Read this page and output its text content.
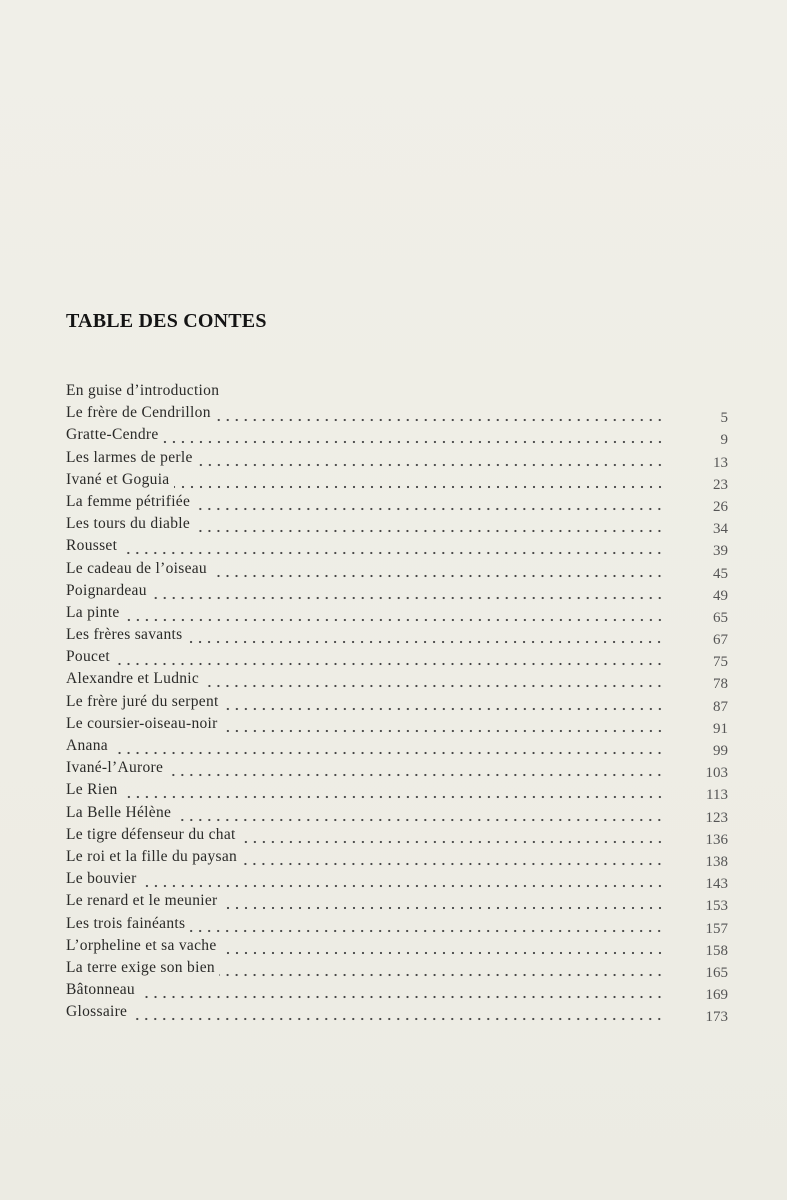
TABLE DES CONTES
En guise d’introduction
Le frère de Cendrillon	5
Gratte-Cendre	9
Les larmes de perle	13
Ivané et Goguia	23
La femme pétrifiée	26
Les tours du diable	34
Rousset	39
Le cadeau de l’oiseau	45
Poignardeau	49
La pinte	65
Les frères savants	67
Poucet	75
Alexandre et Ludnic	78
Le frère juré du serpent	87
Le coursier-oiseau-noir	91
Anana	99
Ivané-l’Aurore	103
Le Rien	113
La Belle Hélène	123
Le tigre défenseur du chat	136
Le roi et la fille du paysan	138
Le bouvier	143
Le renard et le meunier	153
Les trois fainéants	157
L’orpheline et sa vache	158
La terre exige son bien	165
Bâtonneau	169
Glossaire	173
